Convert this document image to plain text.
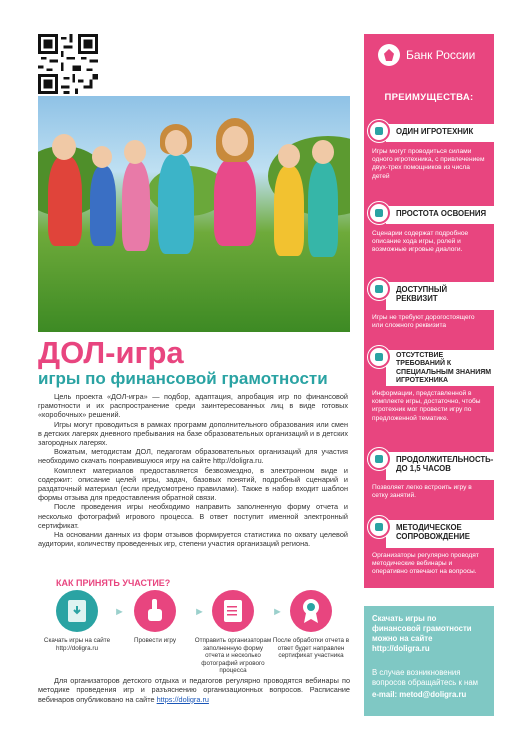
ДОЛ-игра
игры по финансовой грамотности

Цель проекта «ДОЛ-игра» — подбор, адаптация, апробация игр по финансовой грамотности и их распространение среди заинтересованных лиц в виде готовых «коробочных» решений.

Игры могут проводиться в рамках программ дополнительного образования или смен в детских лагерях дневного пребывания на базе образовательных организаций и в детских загородных лагерях.

Вожатым, методистам ДОЛ, педагогам образовательных организаций для участия необходимо скачать понравившуюся игру на сайте http://doligra.ru.

Комплект материалов предоставляется безвозмездно, в электронном виде и содержит: описание целей игры, задач, базовых понятий, подробный сценарий и раздаточный материал (если предусмотрено правилами). Также в набор входит шаблон формы отзыва для предоставления обратной связи.

После проведения игры необходимо направить заполненную форму отчета и несколько фотографий игрового процесса. В ответ поступит именной электронный сертификат.

На основании данных из форм отзывов формируется статистика по охвату целевой аудитории, количеству проведенных игр, степени участия организаций региона.

КАК ПРИНЯТЬ УЧАСТИЕ?
Скачать игры на сайте http://doligra.ru
►
Провести игру
►
Отправить организаторам заполненную форму отчета и несколько фотографий игрового процесса
►
После обработки отчета в ответ будет направлен сертификат участника
Для организаторов детского отдыха и педагогов регулярно проводятся вебинары по методике проведения игр и разъяснению организационных вопросов. Расписание вебинаров опубликовано на сайте https://doligra.ru
Банк России
ПРЕИМУЩЕСТВА:
ОДИН ИГРОТЕХНИК
Игры могут проводиться силами одного игротехника, с привлечением двух-трех помощников из числа детей
ПРОСТОТА ОСВОЕНИЯ
Сценарии содержат подробное описание хода игры, ролей и возможные игровые диалоги.
ДОСТУПНЫЙ РЕКВИЗИТ
Игры не требуют дорогостоящего или сложного реквизита
ОТСУТСТВИЕ ТРЕБОВАНИЙ К СПЕЦИАЛЬНЫМ ЗНАНИЯМ ИГРОТЕХНИКА
Информации, представленной в комплекте игры, достаточно, чтобы игротехник мог провести игру по предложенной тематике.
ПРОДОЛЖИТЕЛЬНОСТЬ- ДО 1,5 ЧАСОВ
Позволяет легко встроить игру в сетку занятий.
МЕТОДИЧЕСКОЕ СОПРОВОЖДЕНИЕ
Организаторы регулярно проводят методические вебинары и оперативно отвечают на вопросы.
Скачать игры по финансовой грамотности можно на сайте http://doligra.ru
В случае возникновения вопросов обращайтесь к нам
e-mail: metod@doligra.ru
